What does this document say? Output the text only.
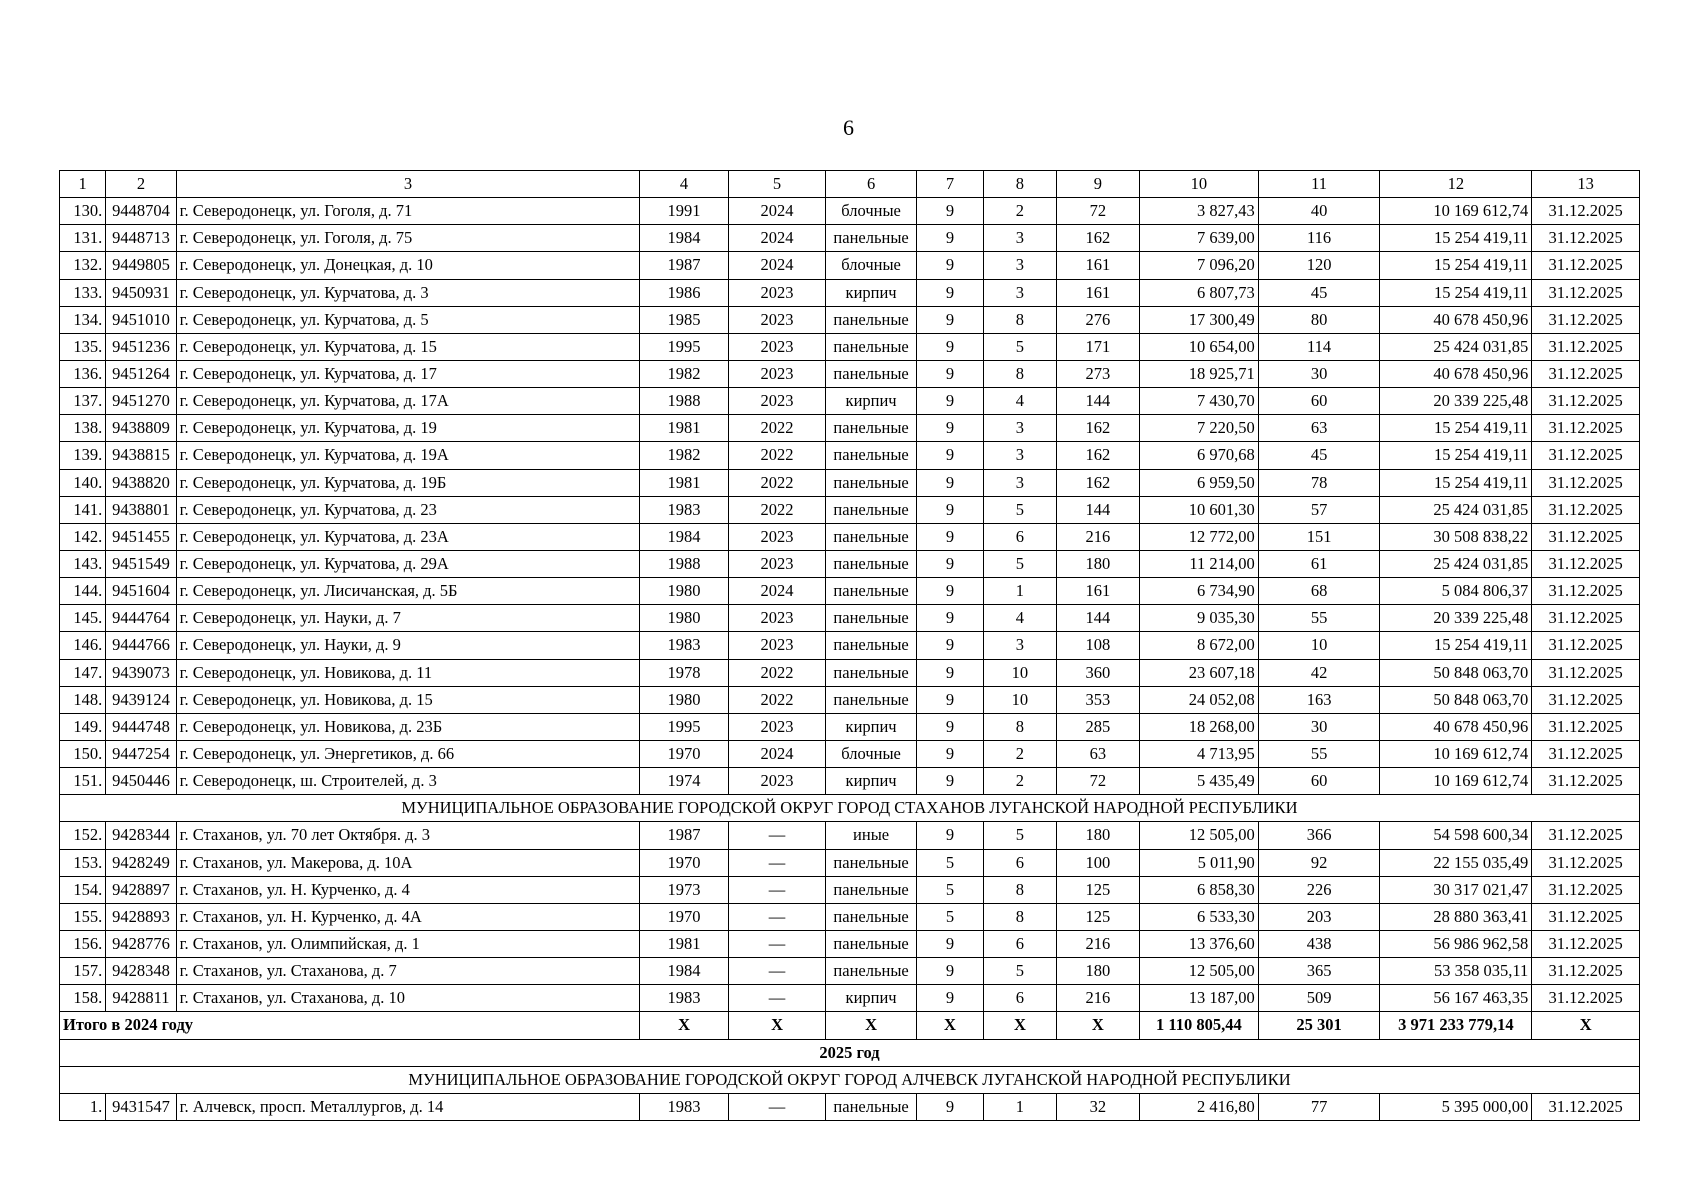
6
1	2	3	4	5	6	7	8	9	10	11	12	13
130.	9448704	г. Северодонецк, ул. Гоголя, д. 71	1991	2024	блочные	9	2	72	3 827,43	40	10 169 612,74	31.12.2025
131.	9448713	г. Северодонецк, ул. Гоголя, д. 75	1984	2024	панельные	9	3	162	7 639,00	116	15 254 419,11	31.12.2025
132.	9449805	г. Северодонецк, ул. Донецкая, д. 10	1987	2024	блочные	9	3	161	7 096,20	120	15 254 419,11	31.12.2025
133.	9450931	г. Северодонецк, ул. Курчатова, д. 3	1986	2023	кирпич	9	3	161	6 807,73	45	15 254 419,11	31.12.2025
134.	9451010	г. Северодонецк, ул. Курчатова, д. 5	1985	2023	панельные	9	8	276	17 300,49	80	40 678 450,96	31.12.2025
135.	9451236	г. Северодонецк, ул. Курчатова, д. 15	1995	2023	панельные	9	5	171	10 654,00	114	25 424 031,85	31.12.2025
136.	9451264	г. Северодонецк, ул. Курчатова, д. 17	1982	2023	панельные	9	8	273	18 925,71	30	40 678 450,96	31.12.2025
137.	9451270	г. Северодонецк, ул. Курчатова, д. 17А	1988	2023	кирпич	9	4	144	7 430,70	60	20 339 225,48	31.12.2025
138.	9438809	г. Северодонецк, ул. Курчатова, д. 19	1981	2022	панельные	9	3	162	7 220,50	63	15 254 419,11	31.12.2025
139.	9438815	г. Северодонецк, ул. Курчатова, д. 19А	1982	2022	панельные	9	3	162	6 970,68	45	15 254 419,11	31.12.2025
140.	9438820	г. Северодонецк, ул. Курчатова, д. 19Б	1981	2022	панельные	9	3	162	6 959,50	78	15 254 419,11	31.12.2025
141.	9438801	г. Северодонецк, ул. Курчатова, д. 23	1983	2022	панельные	9	5	144	10 601,30	57	25 424 031,85	31.12.2025
142.	9451455	г. Северодонецк, ул. Курчатова, д. 23А	1984	2023	панельные	9	6	216	12 772,00	151	30 508 838,22	31.12.2025
143.	9451549	г. Северодонецк, ул. Курчатова, д. 29А	1988	2023	панельные	9	5	180	11 214,00	61	25 424 031,85	31.12.2025
144.	9451604	г. Северодонецк, ул. Лисичанская, д. 5Б	1980	2024	панельные	9	1	161	6 734,90	68	5 084 806,37	31.12.2025
145.	9444764	г. Северодонецк, ул. Науки, д. 7	1980	2023	панельные	9	4	144	9 035,30	55	20 339 225,48	31.12.2025
146.	9444766	г. Северодонецк, ул. Науки, д. 9	1983	2023	панельные	9	3	108	8 672,00	10	15 254 419,11	31.12.2025
147.	9439073	г. Северодонецк, ул. Новикова, д. 11	1978	2022	панельные	9	10	360	23 607,18	42	50 848 063,70	31.12.2025
148.	9439124	г. Северодонецк, ул. Новикова, д. 15	1980	2022	панельные	9	10	353	24 052,08	163	50 848 063,70	31.12.2025
149.	9444748	г. Северодонецк, ул. Новикова, д. 23Б	1995	2023	кирпич	9	8	285	18 268,00	30	40 678 450,96	31.12.2025
150.	9447254	г. Северодонецк, ул. Энергетиков, д. 66	1970	2024	блочные	9	2	63	4 713,95	55	10 169 612,74	31.12.2025
151.	9450446	г. Северодонецк, ш. Строителей, д. 3	1974	2023	кирпич	9	2	72	5 435,49	60	10 169 612,74	31.12.2025
МУНИЦИПАЛЬНОЕ ОБРАЗОВАНИЕ ГОРОДСКОЙ ОКРУГ ГОРОД СТАХАНОВ ЛУГАНСКОЙ НАРОДНОЙ РЕСПУБЛИКИ												
152.	9428344	г. Стаханов, ул. 70 лет Октября. д. 3	1987	—	иные	9	5	180	12 505,00	366	54 598 600,34	31.12.2025
153.	9428249	г. Стаханов, ул. Макерова, д. 10А	1970	—	панельные	5	6	100	5 011,90	92	22 155 035,49	31.12.2025
154.	9428897	г. Стаханов, ул. Н. Курченко, д. 4	1973	—	панельные	5	8	125	6 858,30	226	30 317 021,47	31.12.2025
155.	9428893	г. Стаханов, ул. Н. Курченко, д. 4А	1970	—	панельные	5	8	125	6 533,30	203	28 880 363,41	31.12.2025
156.	9428776	г. Стаханов, ул. Олимпийская, д. 1	1981	—	панельные	9	6	216	13 376,60	438	56 986 962,58	31.12.2025
157.	9428348	г. Стаханов, ул. Стаханова, д. 7	1984	—	панельные	9	5	180	12 505,00	365	53 358 035,11	31.12.2025
158.	9428811	г. Стаханов, ул. Стаханова, д. 10	1983	—	кирпич	9	6	216	13 187,00	509	56 167 463,35	31.12.2025
Итого в 2024 году			Х	Х	Х	Х	Х	Х	1 110 805,44	25 301	3 971 233 779,14	Х
2025 год												
МУНИЦИПАЛЬНОЕ ОБРАЗОВАНИЕ ГОРОДСКОЙ ОКРУГ ГОРОД АЛЧЕВСК ЛУГАНСКОЙ НАРОДНОЙ РЕСПУБЛИКИ												
1.	9431547	г. Алчевск, просп. Металлургов, д. 14	1983	—	панельные	9	1	32	2 416,80	77	5 395 000,00	31.12.2025
